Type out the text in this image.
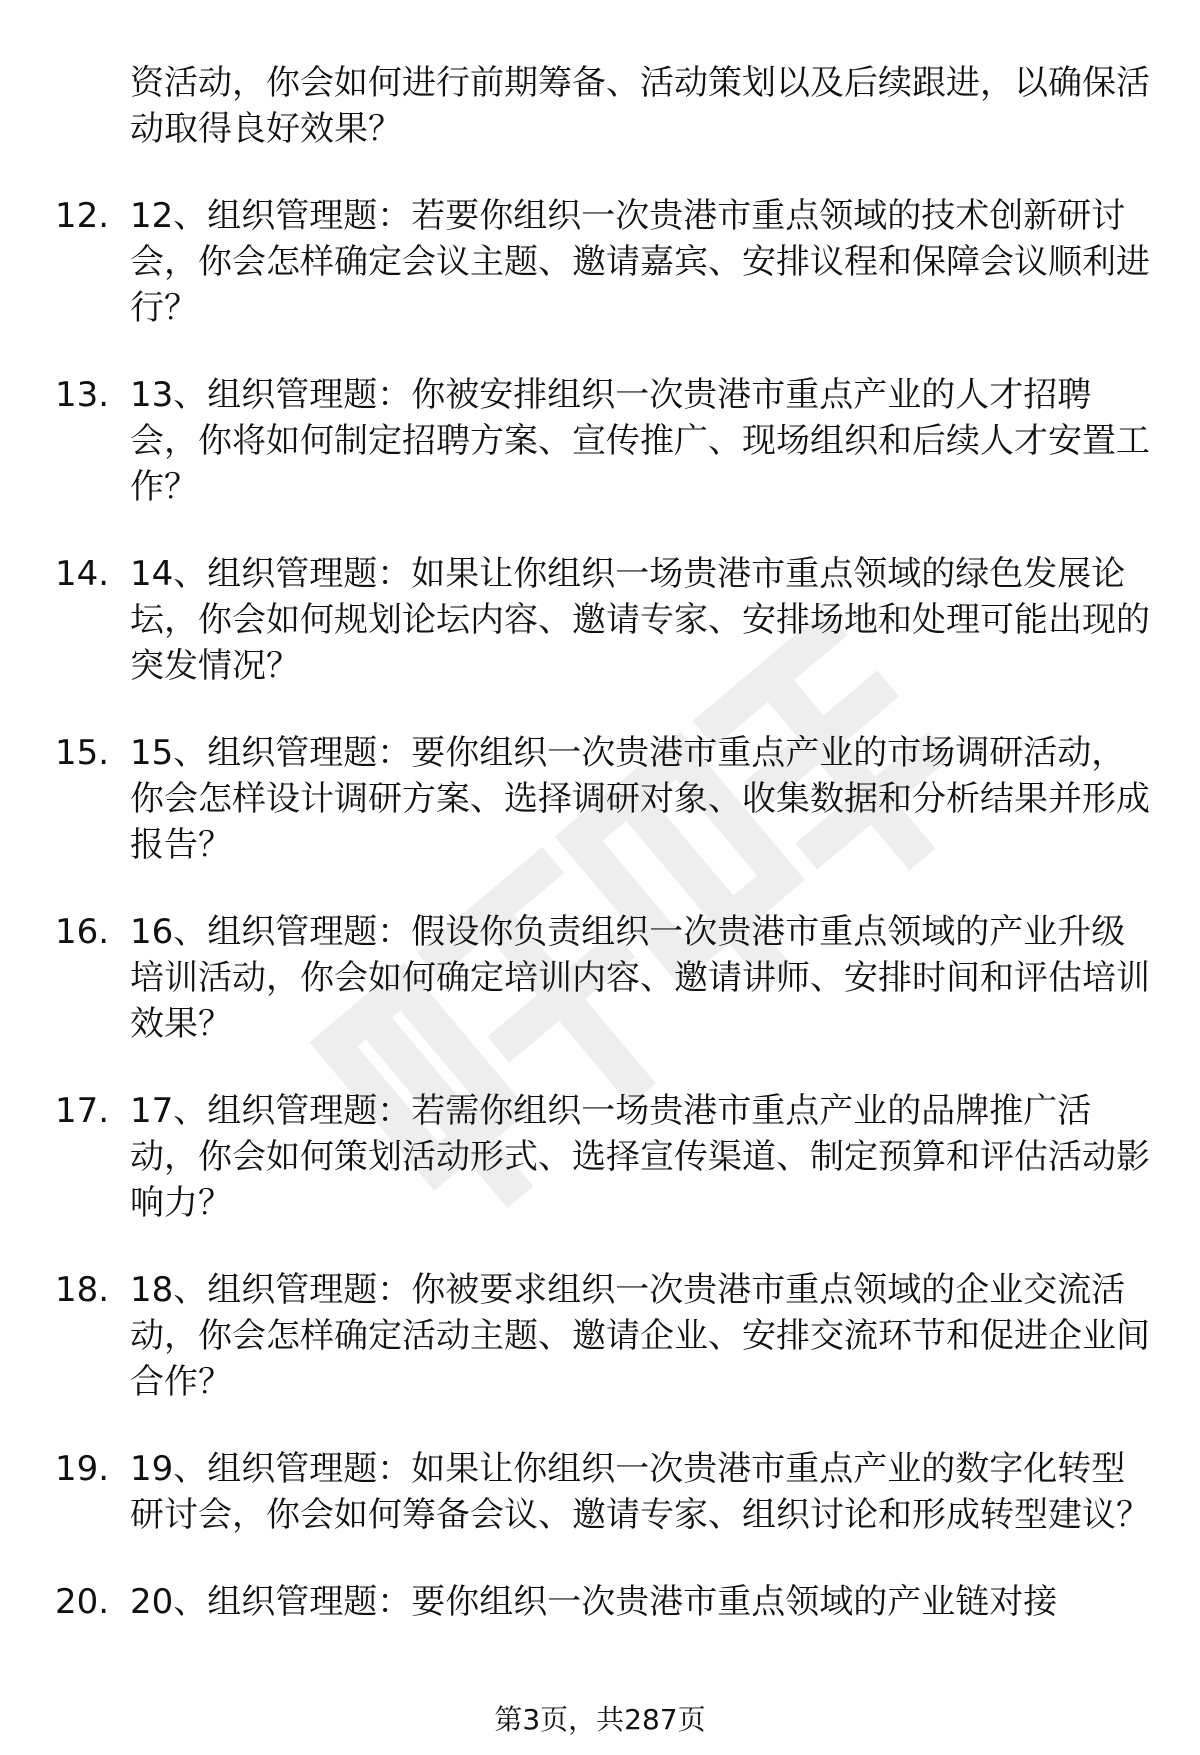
资活动，你会如何进行前期筹备、活动策划以及后续跟进，以确保活动取得良好效果？
12. 12、组织管理题：若要你组织一次贵港市重点领域的技术创新研讨会，你会怎样确定会议主题、邀请嘉宾、安排议程和保障会议顺利进行？
13. 13、组织管理题：你被安排组织一次贵港市重点产业的人才招聘会，你将如何制定招聘方案、宣传推广、现场组织和后续人才安置工作？
14. 14、组织管理题：如果让你组织一场贵港市重点领域的绿色发展论坛，你会如何规划论坛内容、邀请专家、安排场地和处理可能出现的突发情况？
15. 15、组织管理题：要你组织一次贵港市重点产业的市场调研活动，你会怎样设计调研方案、选择调研对象、收集数据和分析结果并形成报告？
16. 16、组织管理题：假设你负责组织一次贵港市重点领域的产业升级培训活动，你会如何确定培训内容、邀请讲师、安排时间和评估培训效果？
17. 17、组织管理题：若需你组织一场贵港市重点产业的品牌推广活动，你会如何策划活动形式、选择宣传渠道、制定预算和评估活动影响力？
18. 18、组织管理题：你被要求组织一次贵港市重点领域的企业交流活动，你会怎样确定活动主题、邀请企业、安排交流环节和促进企业间合作？
19. 19、组织管理题：如果让你组织一次贵港市重点产业的数字化转型研讨会，你会如何筹备会议、邀请专家、组织讨论和形成转型建议？
20. 20、组织管理题：要你组织一次贵港市重点领域的产业链对接
第3页，共287页
